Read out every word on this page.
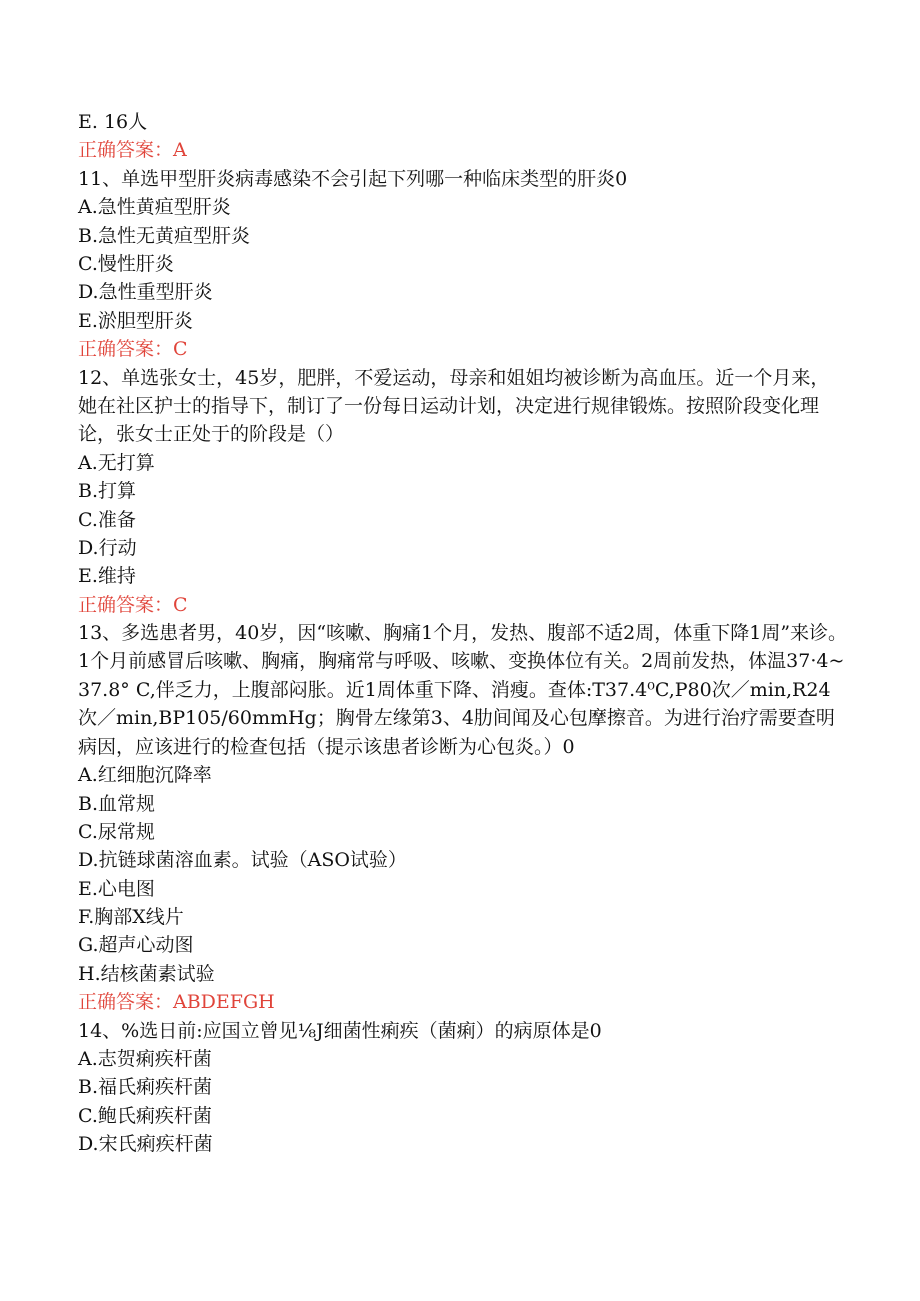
E. 16人
正确答案：A
11、单选甲型肝炎病毒感染不会引起下列哪一种临床类型的肝炎0
A.急性黄疸型肝炎
B.急性无黄疸型肝炎
C.慢性肝炎
D.急性重型肝炎
E.淤胆型肝炎
正确答案：C
12、单选张女士，45岁，肥胖，不爱运动，母亲和姐姐均被诊断为高血压。近一个月来，她在社区护士的指导下，制订了一份每日运动计划，决定进行规律锻炼。按照阶段变化理论，张女士正处于的阶段是（）
A.无打算
B.打算
C.准备
D.行动
E.维持
正确答案：C
13、多选患者男，40岁，因“咳嗽、胸痛1个月，发热、腹部不适2周，体重下降1周”来诊。1个月前感冒后咳嗽、胸痛，胸痛常与呼吸、咳嗽、变换体位有关。2周前发热，体温37·4~37.8° C,伴乏力，上腹部闷胀。近1周体重下降、消瘦。查体:T37.4⁰C,P80次／min,R24次／min,BP105/60mmHg；胸骨左缘第3、4肋间闻及心包摩擦音。为进行治疗需要查明病因，应该进行的检查包括（提示该患者诊断为心包炎。）0
A.红细胞沉降率
B.血常规
C.尿常规
D.抗链球菌溶血素。试验（ASO试验）
E.心电图
F.胸部X线片
G.超声心动图
H.结核菌素试验
正确答案：ABDEFGH
14、%选日前:应国立曾见⅛J细菌性痢疾（菌痢）的病原体是0
A.志贺痢疾杆菌
B.福氏痢疾杆菌
C.鲍氏痢疾杆菌
D.宋氏痢疾杆菌
